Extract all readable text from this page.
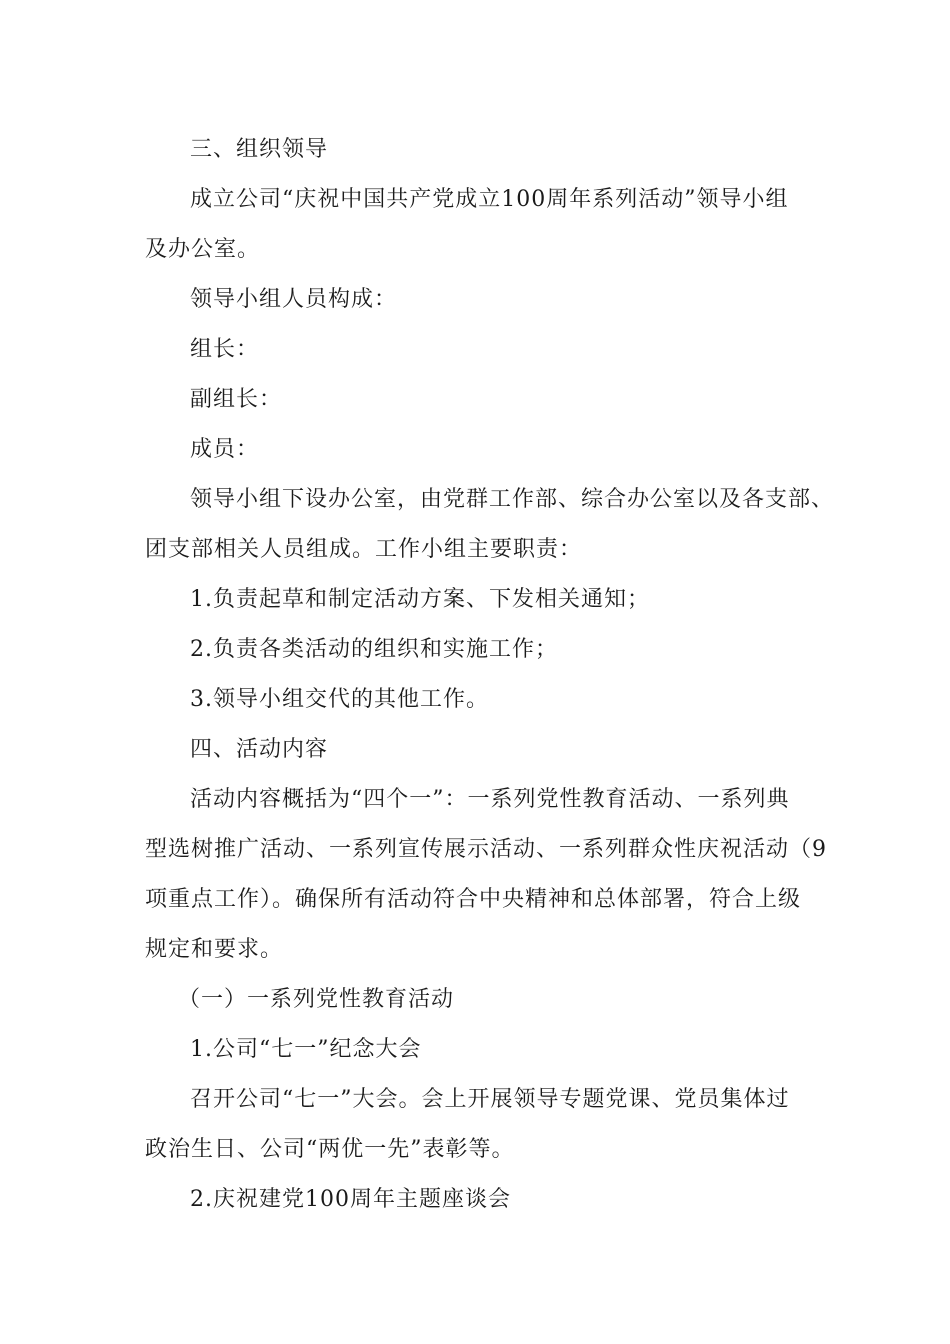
三、组织领导
成立公司“庆祝中国共产党成立100周年系列活动”领导小组
及办公室。
领导小组人员构成：
组长：
副组长：
成员：
领导小组下设办公室，由党群工作部、综合办公室以及各支部、
团支部相关人员组成。工作小组主要职责：
1.负责起草和制定活动方案、下发相关通知；
2.负责各类活动的组织和实施工作；
3.领导小组交代的其他工作。
四、活动内容
活动内容概括为“四个一”：一系列党性教育活动、一系列典
型选树推广活动、一系列宣传展示活动、一系列群众性庆祝活动（9
项重点工作）。确保所有活动符合中央精神和总体部署，符合上级
规定和要求。
（一）一系列党性教育活动
1.公司“七一”纪念大会
召开公司“七一”大会。会上开展领导专题党课、党员集体过
政治生日、公司“两优一先”表彰等。
2.庆祝建党100周年主题座谈会
